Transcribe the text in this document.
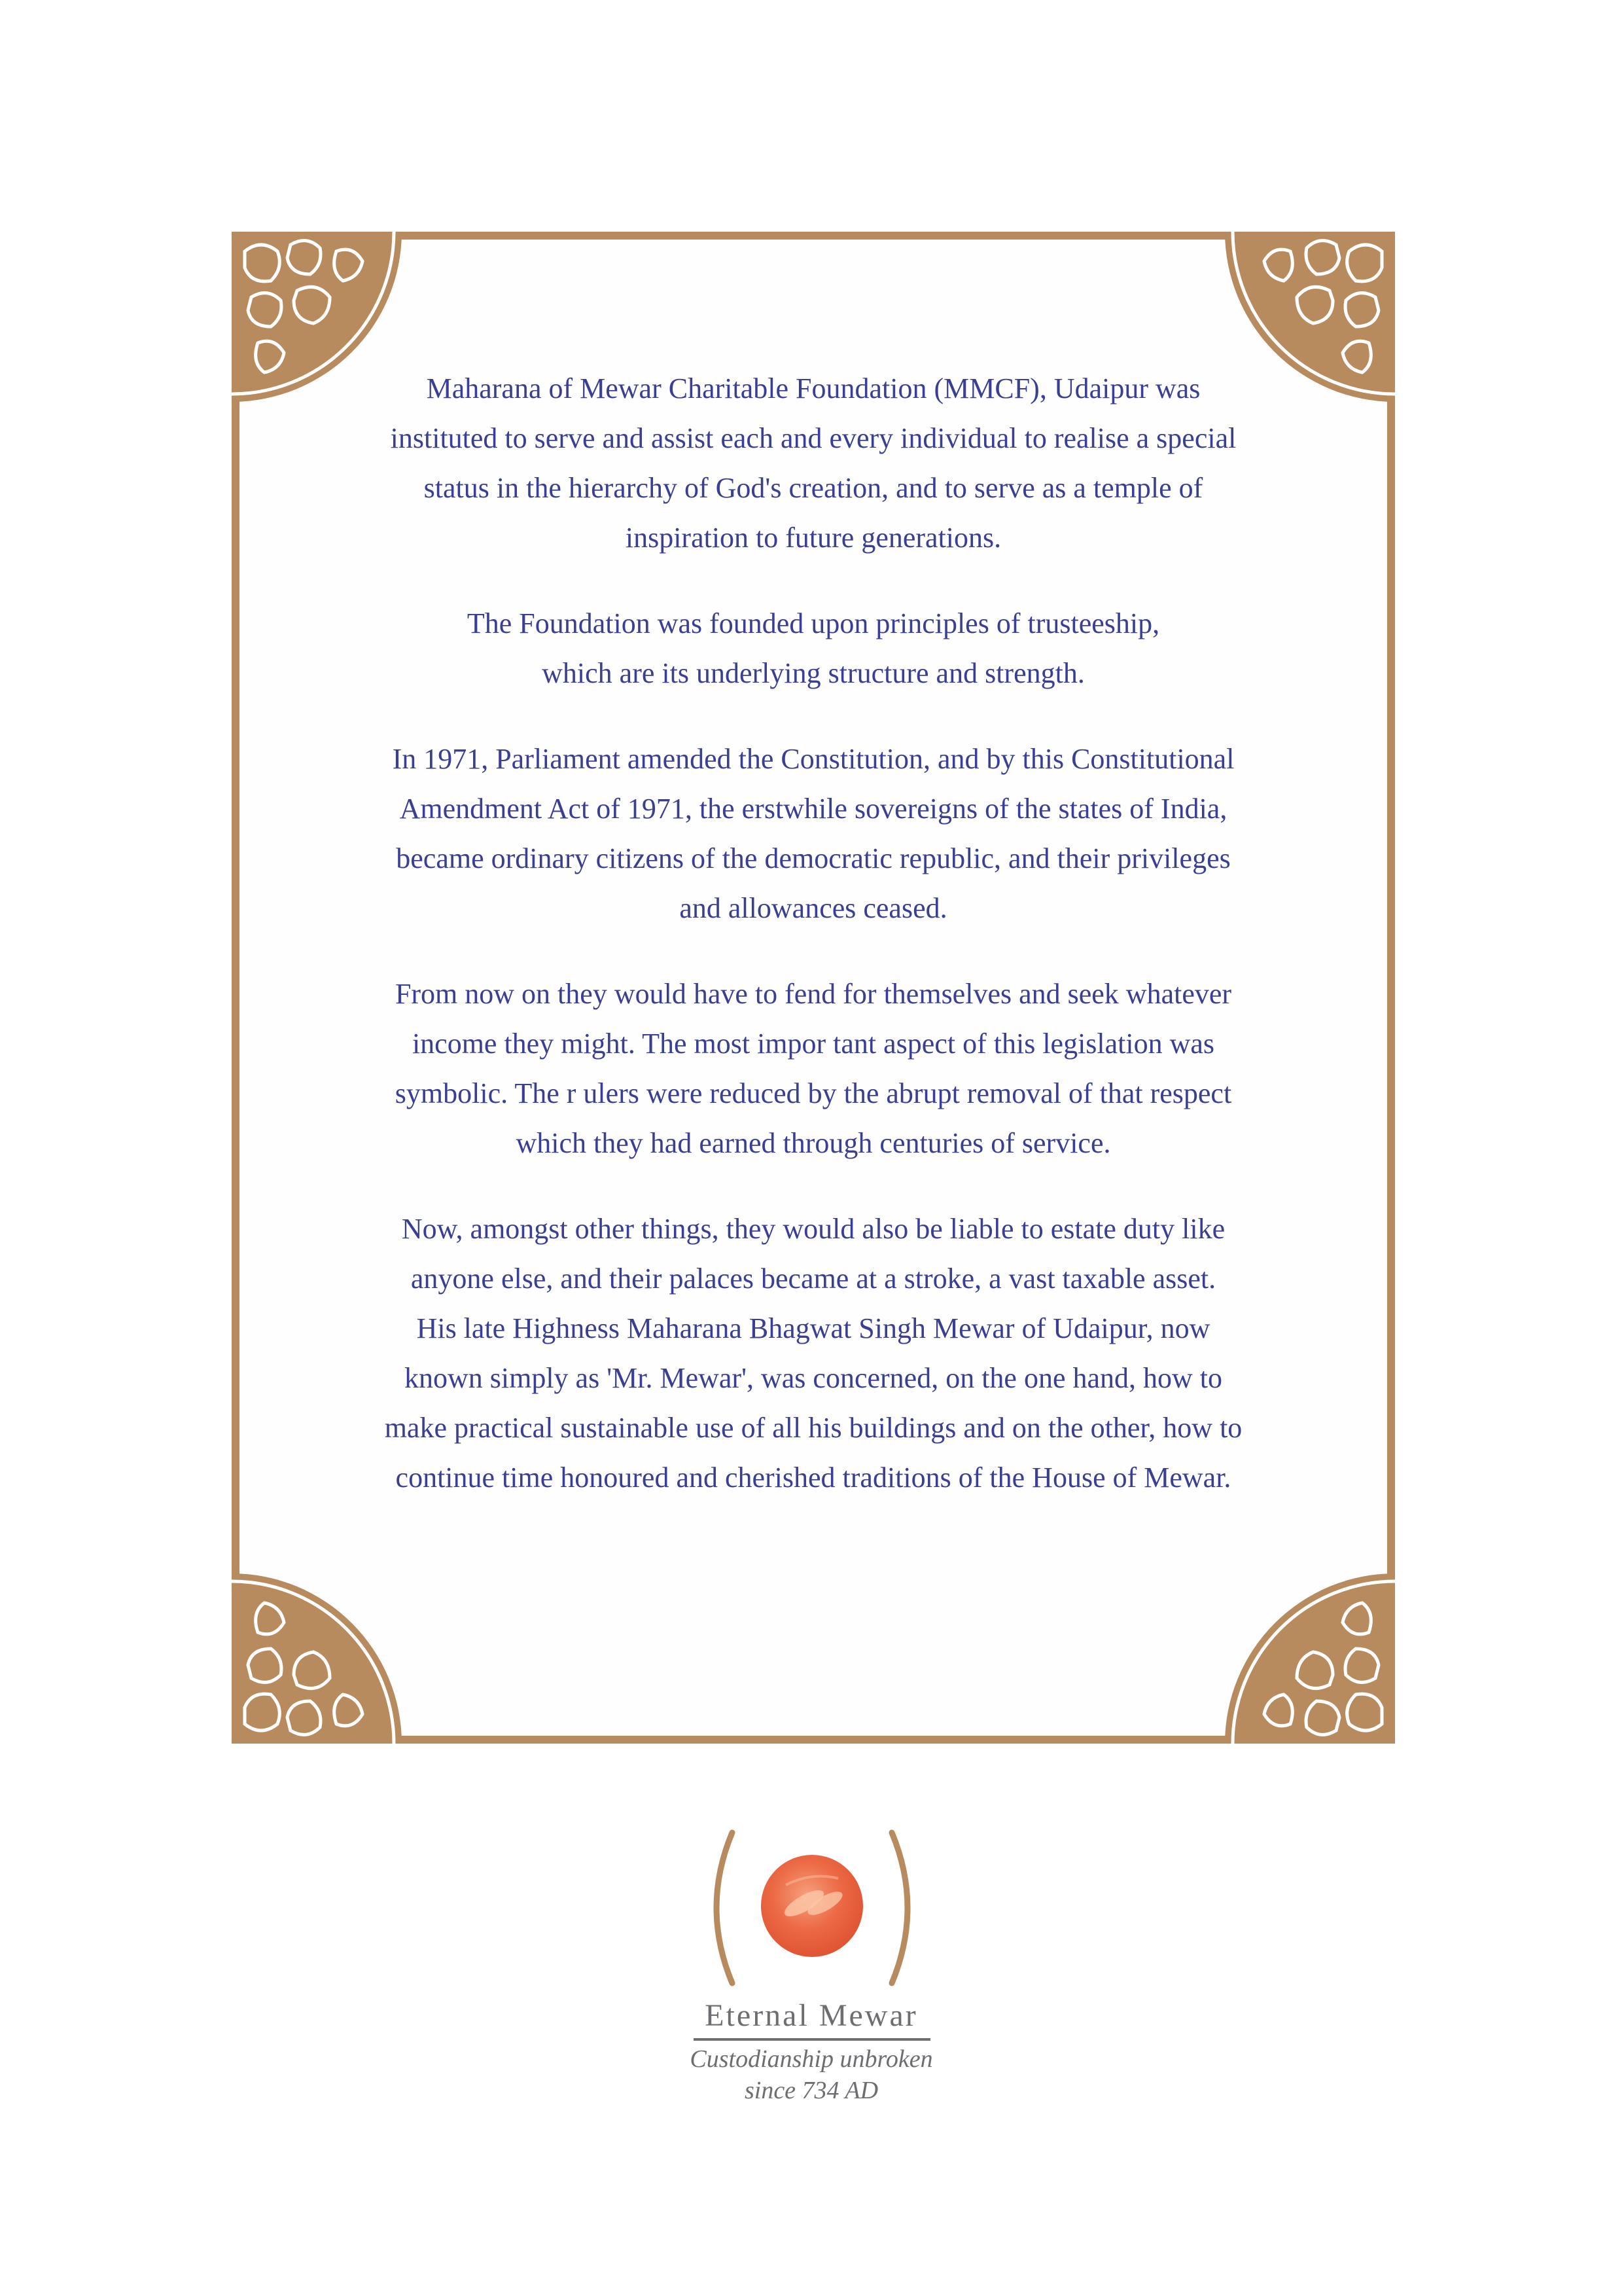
Maharana of Mewar Charitable Foundation (MMCF), Udaipur was
instituted to serve and assist each and every individual to realise a special
status in the hierarchy of God's creation, and to serve as a temple of
inspiration to future generations.

The Foundation was founded upon principles of trusteeship,
which are its underlying structure and strength.

In 1971, Parliament amended the Constitution, and by this Constitutional
Amendment Act of 1971, the erstwhile sovereigns of the states of India,
became ordinary citizens of the democratic republic, and their privileges
and allowances ceased.

From now on they would have to fend for themselves and seek whatever
income they might. The most impor tant aspect of this legislation was
symbolic. The r ulers were reduced by the abrupt removal of that respect
which they had earned through centuries of service.

Now, amongst other things, they would also be liable to estate duty like
anyone else, and their palaces became at a stroke, a vast taxable asset.
His late Highness Maharana Bhagwat Singh Mewar of Udaipur, now
known simply as 'Mr. Mewar', was concerned, on the one hand, how to
make practical sustainable use of all his buildings and on the other, how to
continue time honoured and cherished traditions of the House of Mewar.

Eternal Mewar
Custodianship unbroken
since 734 AD
